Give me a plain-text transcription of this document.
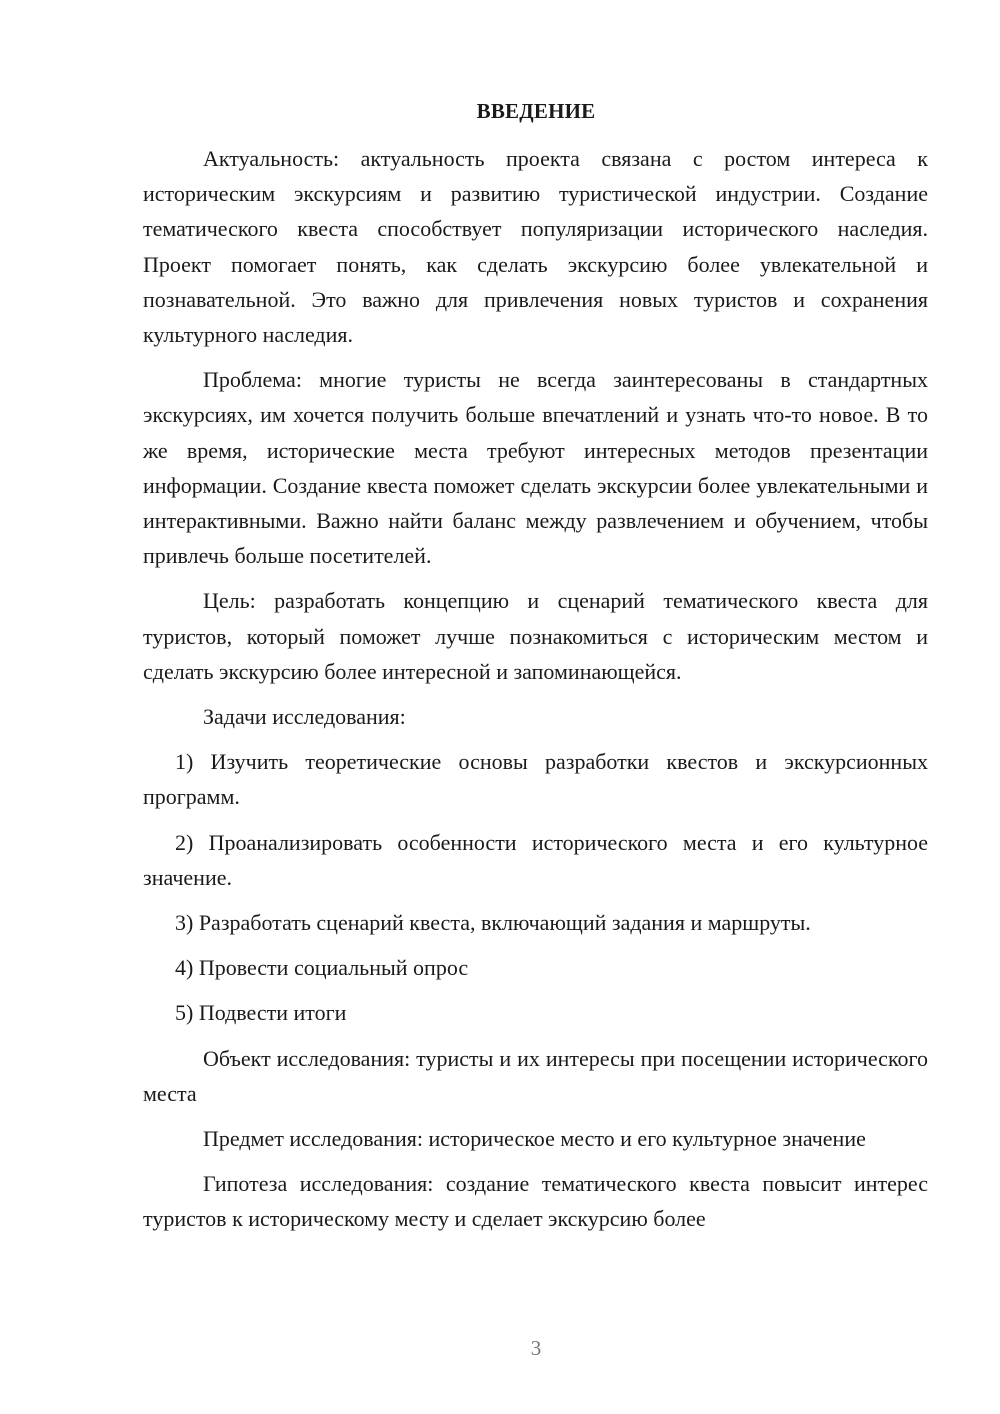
ВВЕДЕНИЕ

Актуальность: актуальность проекта связана с ростом интереса к историческим экскурсиям и развитию туристической индустрии. Создание тематического квеста способствует популяризации исторического наследия. Проект помогает понять, как сделать экскурсию более увлекательной и познавательной. Это важно для привлечения новых туристов и сохранения культурного наследия.

Проблема: многие туристы не всегда заинтересованы в стандартных экскурсиях, им хочется получить больше впечатлений и узнать что-то новое. В то же время, исторические места требуют интересных методов презентации информации. Создание квеста поможет сделать экскурсии более увлекательными и интерактивными. Важно найти баланс между развлечением и обучением, чтобы привлечь больше посетителей.

Цель: разработать концепцию и сценарий тематического квеста для туристов, который поможет лучше познакомиться с историческим местом и сделать экскурсию более интересной и запоминающейся.

Задачи исследования:

1) Изучить теоретические основы разработки квестов и экскурсионных программ.

2) Проанализировать особенности исторического места и его культурное значение.

3) Разработать сценарий квеста, включающий задания и маршруты.

4) Провести социальный опрос

5) Подвести итоги

Объект исследования: туристы и их интересы при посещении исторического места

Предмет исследования: историческое место и его культурное значение

Гипотеза исследования: создание тематического квеста повысит интерес туристов к историческому месту и сделает экскурсию более

3
